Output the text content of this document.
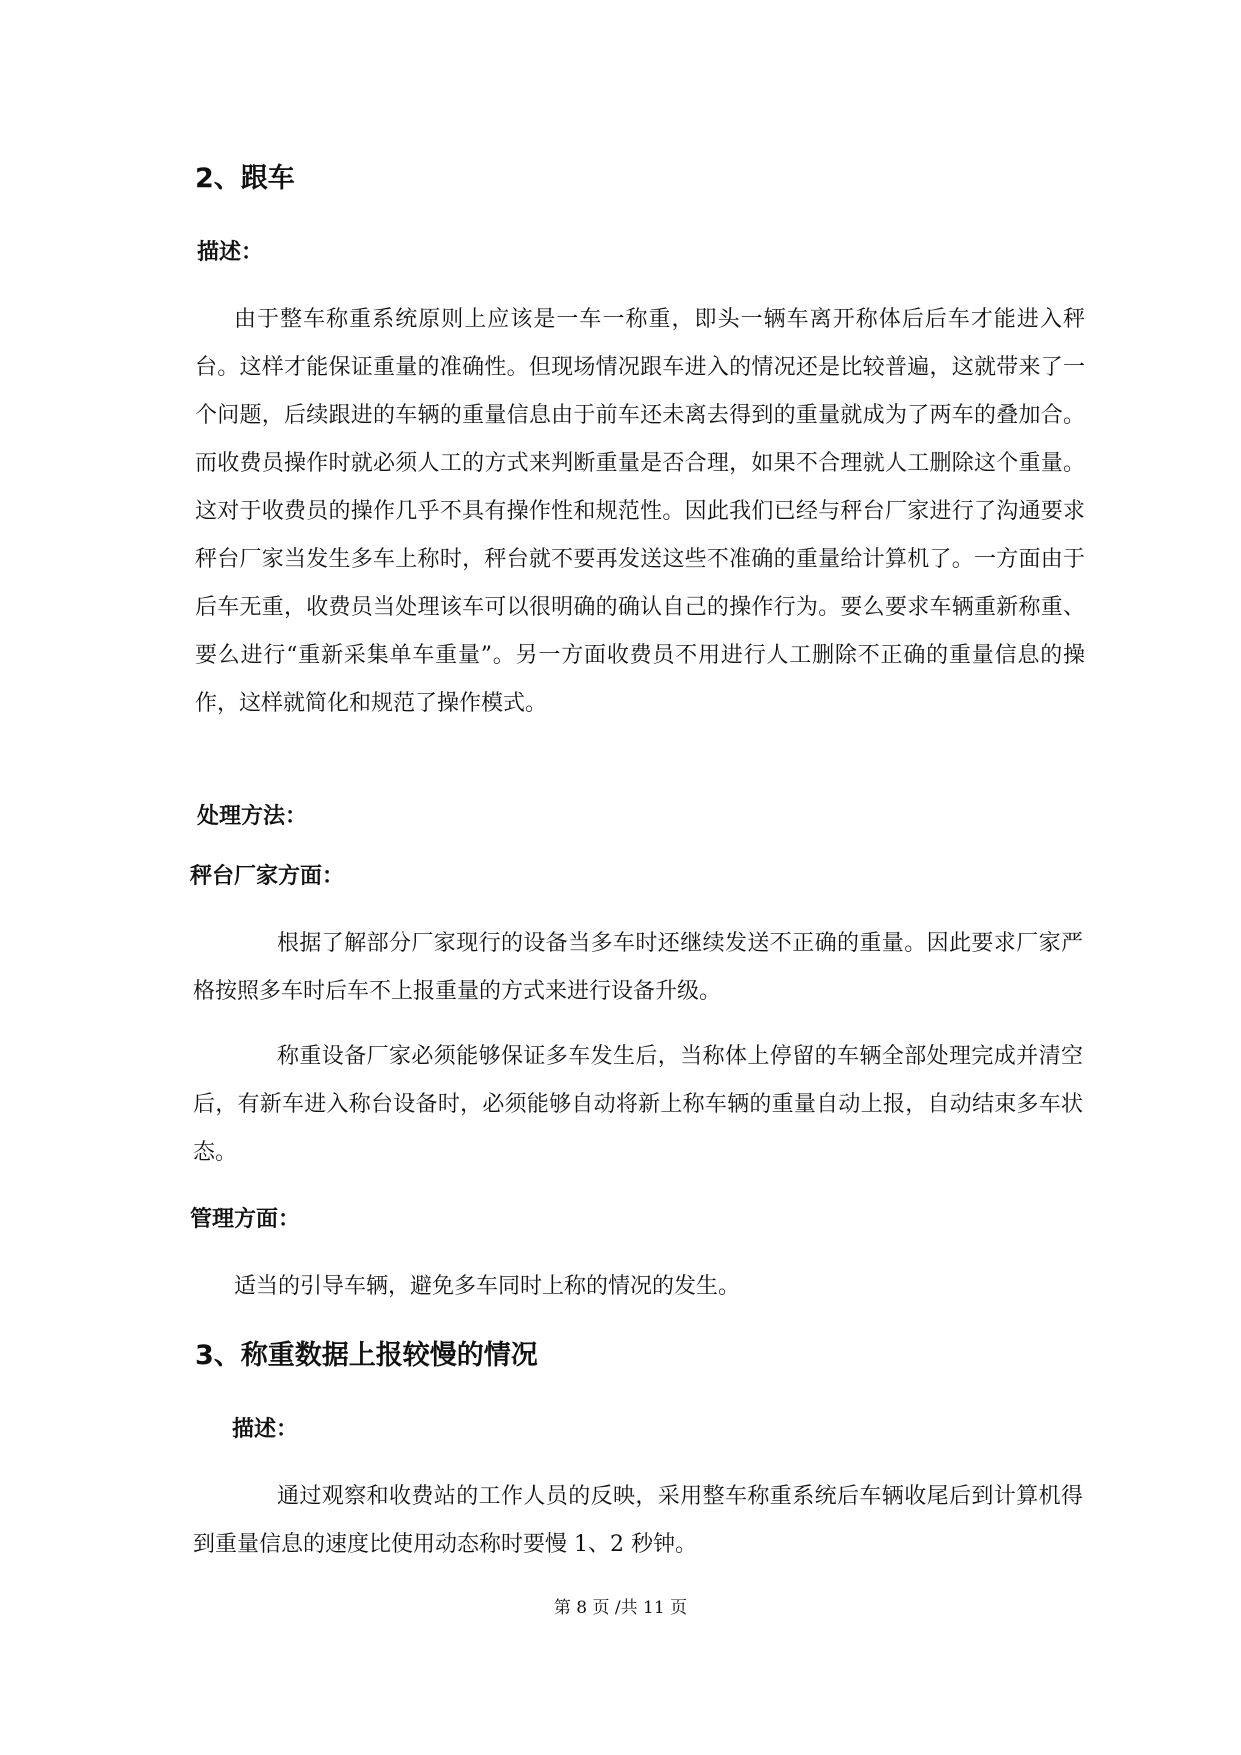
2、跟车
描述：

由于整车称重系统原则上应该是一车一称重，即头一辆车离开称体后后车才能进入秤台。这样才能保证重量的准确性。但现场情况跟车进入的情况还是比较普遍，这就带来了一个问题，后续跟进的车辆的重量信息由于前车还未离去得到的重量就成为了两车的叠加合。而收费员操作时就必须人工的方式来判断重量是否合理，如果不合理就人工删除这个重量。这对于收费员的操作几乎不具有操作性和规范性。因此我们已经与秤台厂家进行了沟通要求秤台厂家当发生多车上称时，秤台就不要再发送这些不准确的重量给计算机了。一方面由于后车无重，收费员当处理该车可以很明确的确认自己的操作行为。要么要求车辆重新称重、要么进行“重新采集单车重量”。另一方面收费员不用进行人工删除不正确的重量信息的操作，这样就简化和规范了操作模式。

处理方法：
秤台厂家方面：

根据了解部分厂家现行的设备当多车时还继续发送不正确的重量。因此要求厂家严格按照多车时后车不上报重量的方式来进行设备升级。

称重设备厂家必须能够保证多车发生后，当称体上停留的车辆全部处理完成并清空后，有新车进入称台设备时，必须能够自动将新上称车辆的重量自动上报，自动结束多车状态。

管理方面：

适当的引导车辆，避免多车同时上称的情况的发生。

3、称重数据上报较慢的情况
描述：

通过观察和收费站的工作人员的反映，采用整车称重系统后车辆收尾后到计算机得到重量信息的速度比使用动态称时要慢 1、2 秒钟。

第 8 页 /共 11 页
